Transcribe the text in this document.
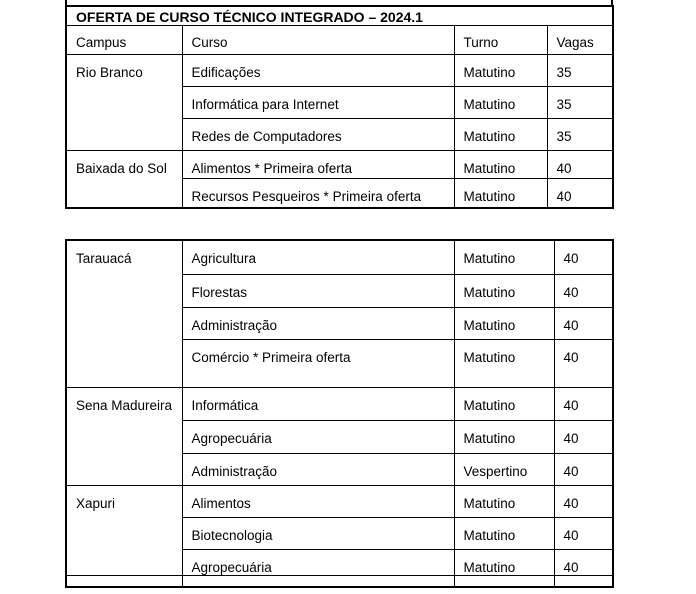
OFERTA DE CURSO TÉCNICO INTEGRADO – 2024.1			
Campus	Curso	Turno	Vagas
Rio Branco	Edificações	Matutino	35
	Informática para Internet	Matutino	35
	Redes de Computadores	Matutino	35
Baixada do Sol	Alimentos * Primeira oferta	Matutino	40
	Recursos Pesqueiros * Primeira oferta	Matutino	40
Tarauacá	Agricultura	Matutino	40
	Florestas	Matutino	40
	Administração	Matutino	40
	Comércio * Primeira oferta	Matutino	40
Sena Madureira	Informática	Matutino	40
	Agropecuária	Matutino	40
	Administração	Vespertino	40
Xapuri	Alimentos	Matutino	40
	Biotecnologia	Matutino	40
	Agropecuária	Matutino	40
